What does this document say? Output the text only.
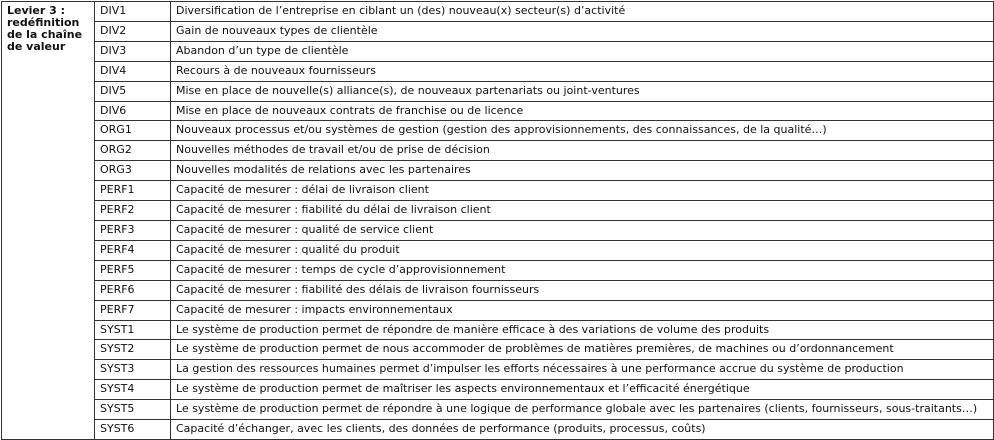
Levier 3 : redéfinition de la chaîne de valeur	DIV1	Diversification de l’entreprise en ciblant un (des) nouveau(x) secteur(s) d’activité
	DIV2	Gain de nouveaux types de clientèle
	DIV3	Abandon d’un type de clientèle
	DIV4	Recours à de nouveaux fournisseurs
	DIV5	Mise en place de nouvelle(s) alliance(s), de nouveaux partenariats ou joint-ventures
	DIV6	Mise en place de nouveaux contrats de franchise ou de licence
	ORG1	Nouveaux processus et/ou systèmes de gestion (gestion des approvisionnements, des connaissances, de la qualité…)
	ORG2	Nouvelles méthodes de travail et/ou de prise de décision
	ORG3	Nouvelles modalités de relations avec les partenaires
	PERF1	Capacité de mesurer : délai de livraison client
	PERF2	Capacité de mesurer : fiabilité du délai de livraison client
	PERF3	Capacité de mesurer : qualité de service client
	PERF4	Capacité de mesurer : qualité du produit
	PERF5	Capacité de mesurer : temps de cycle d’approvisionnement
	PERF6	Capacité de mesurer : fiabilité des délais de livraison fournisseurs
	PERF7	Capacité de mesurer : impacts environnementaux
	SYST1	Le système de production permet de répondre de manière efficace à des variations de volume des produits
	SYST2	Le système de production permet de nous accommoder de problèmes de matières premières, de machines ou d’ordonnancement
	SYST3	La gestion des ressources humaines permet d’impulser les efforts nécessaires à une performance accrue du système de production
	SYST4	Le système de production permet de maîtriser les aspects environnementaux et l’efficacité énergétique
	SYST5	Le système de production permet de répondre à une logique de performance globale avec les partenaires (clients, fournisseurs, sous-traitants…)
	SYST6	Capacité d’échanger, avec les clients, des données de performance (produits, processus, coûts)
